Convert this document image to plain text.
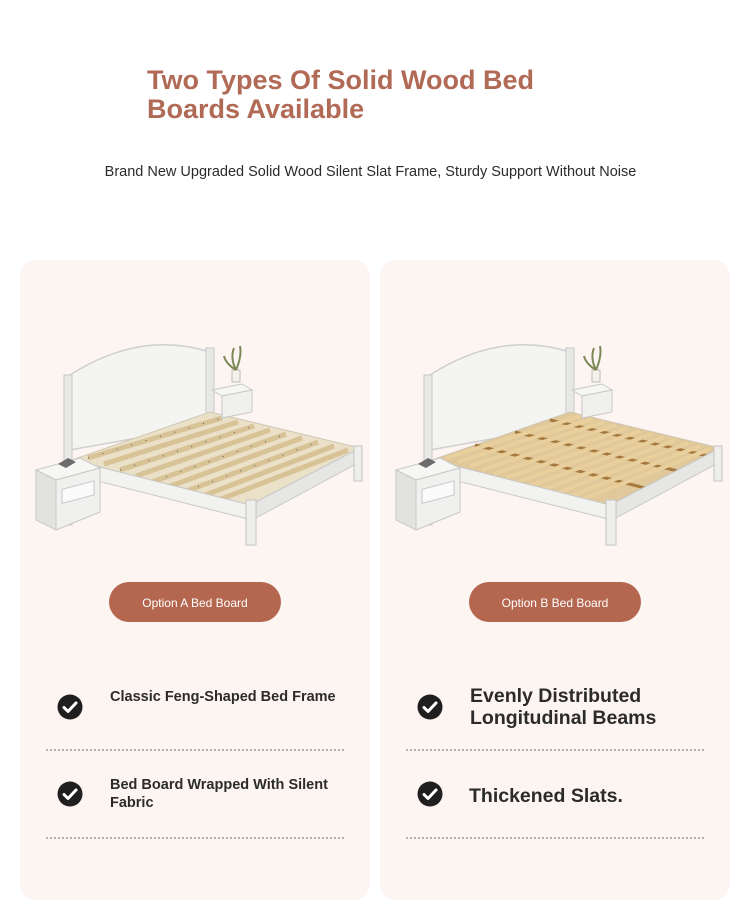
Two Types Of Solid Wood Bed Boards Available

Brand New Upgraded Solid Wood Silent Slat Frame, Sturdy Support Without Noise

Option A Bed Board
Classic Feng-Shaped Bed Frame
Bed Board Wrapped With Silent Fabric
Option B Bed Board
Evenly Distributed Longitudinal Beams
Thickened Slats.
